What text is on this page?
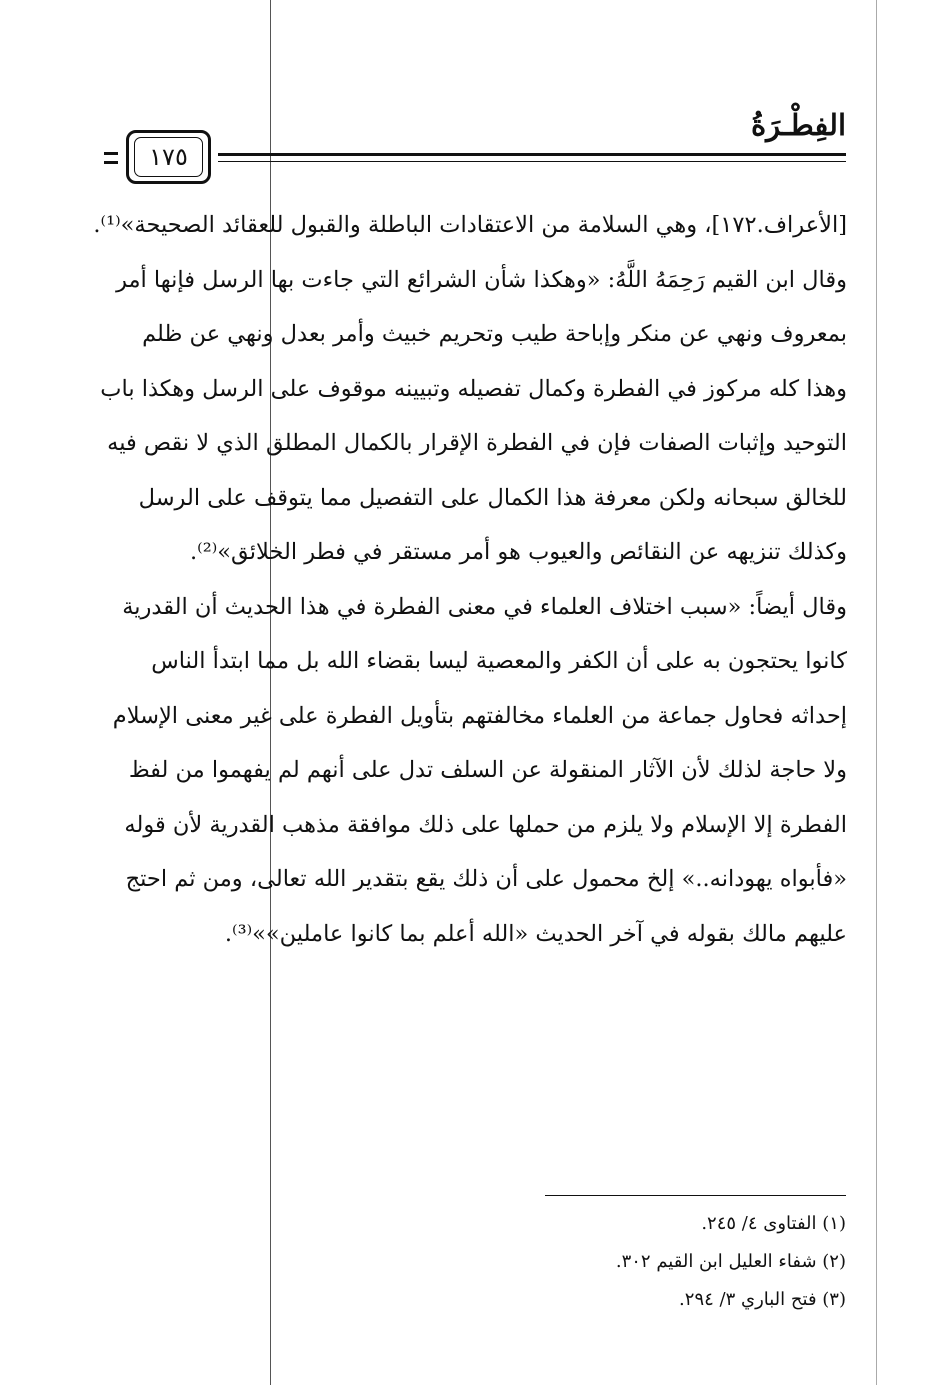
الفِطْـرَةُ
١٧٥

[الأعراف.١٧٢]، وهي السلامة من الاعتقادات الباطلة والقبول للعقائد الصحيحة»⁽¹⁾.

وقال ابن القيم رَحِمَهُ اللَّهُ: «وهكذا شأن الشرائع التي جاءت بها الرسل فإنها أمر

بمعروف ونهي عن منكر وإباحة طيب وتحريم خبيث وأمر بعدل ونهي عن ظلم

وهذا كله مركوز في الفطرة وكمال تفصيله وتبيينه موقوف على الرسل وهكذا باب

التوحيد وإثبات الصفات فإن في الفطرة الإقرار بالكمال المطلق الذي لا نقص فيه

للخالق سبحانه ولكن معرفة هذا الكمال على التفصيل مما يتوقف على الرسل

وكذلك تنزيهه عن النقائص والعيوب هو أمر مستقر في فطر الخلائق»⁽²⁾.

وقال أيضاً: «سبب اختلاف العلماء في معنى الفطرة في هذا الحديث أن القدرية

كانوا يحتجون به على أن الكفر والمعصية ليسا بقضاء الله بل مما ابتدأ الناس

إحداثه فحاول جماعة من العلماء مخالفتهم بتأويل الفطرة على غير معنى الإسلام

ولا حاجة لذلك لأن الآثار المنقولة عن السلف تدل على أنهم لم يفهموا من لفظ

الفطرة إلا الإسلام ولا يلزم من حملها على ذلك موافقة مذهب القدرية لأن قوله

«فأبواه يهودانه..» إلخ محمول على أن ذلك يقع بتقدير الله تعالى، ومن ثم احتج

عليهم مالك بقوله في آخر الحديث «الله أعلم بما كانوا عاملين»»⁽³⁾.

(١) الفتاوى ٤/ ٢٤٥.
(٢) شفاء العليل ابن القيم ٣٠٢.
(٣) فتح الباري ٣/ ٢٩٤.
